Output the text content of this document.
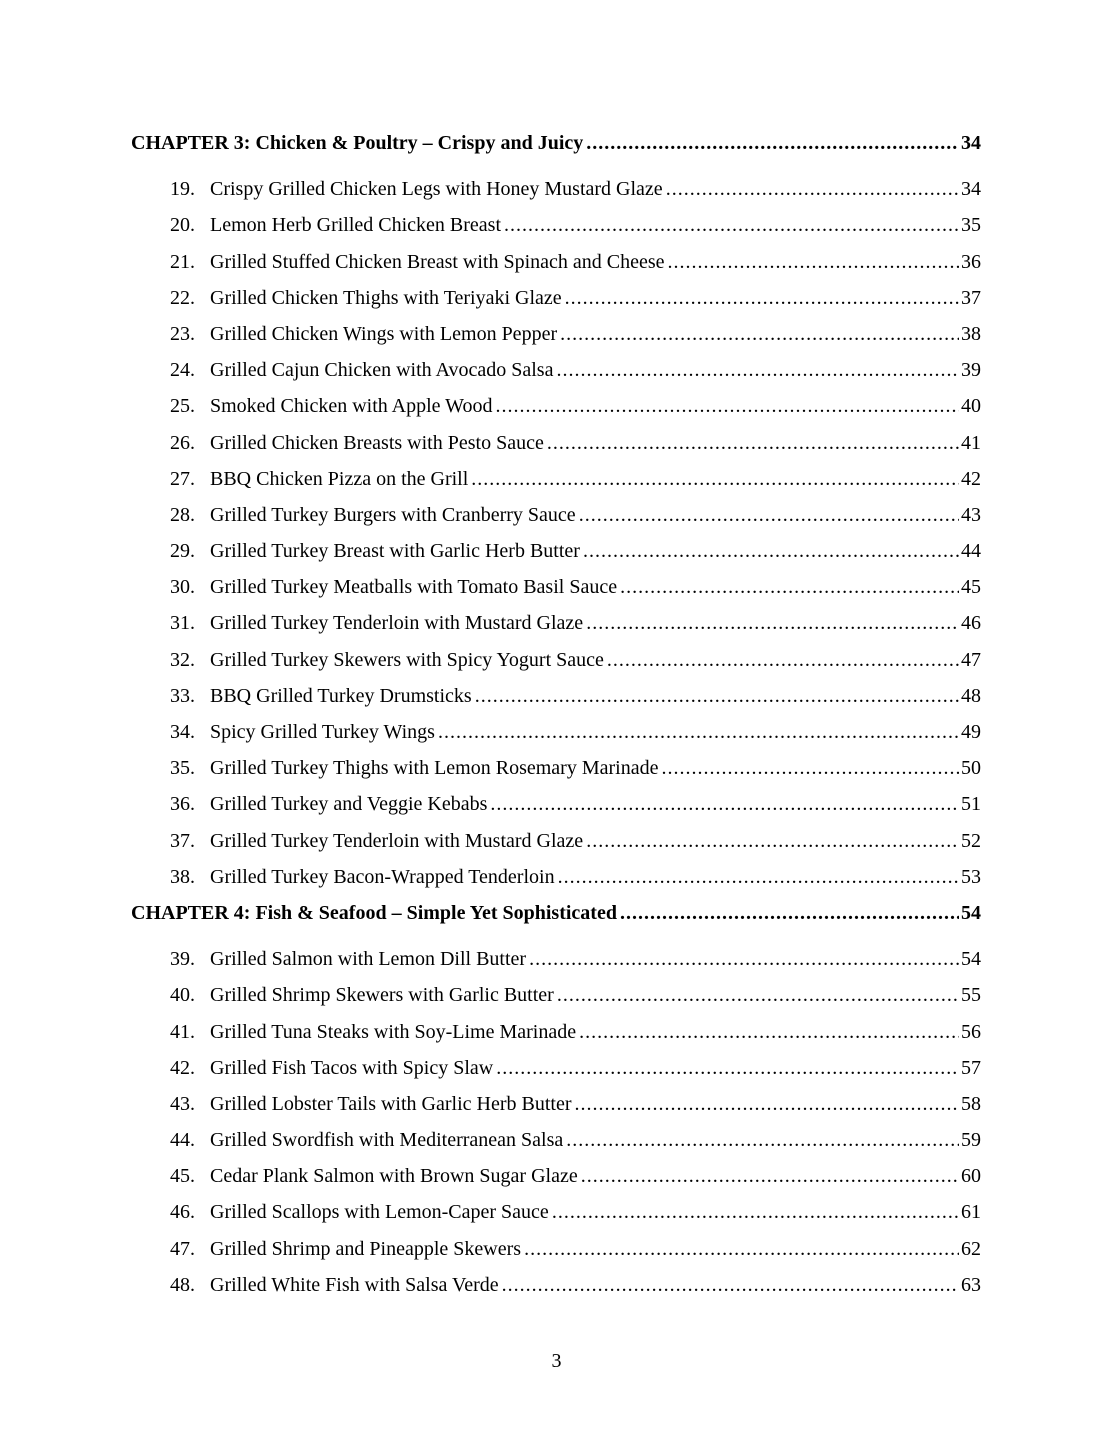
CHAPTER 3: Chicken & Poultry – Crispy and Juicy .....	34
19. Crispy Grilled Chicken Legs with Honey Mustard Glaze .....	34
20. Lemon Herb Grilled Chicken Breast .....	35
21. Grilled Stuffed Chicken Breast with Spinach and Cheese .....	36
22. Grilled Chicken Thighs with Teriyaki Glaze .....	37
23. Grilled Chicken Wings with Lemon Pepper .....	38
24. Grilled Cajun Chicken with Avocado Salsa .....	39
25. Smoked Chicken with Apple Wood .....	40
26. Grilled Chicken Breasts with Pesto Sauce .....	41
27. BBQ Chicken Pizza on the Grill .....	42
28. Grilled Turkey Burgers with Cranberry Sauce .....	43
29. Grilled Turkey Breast with Garlic Herb Butter .....	44
30. Grilled Turkey Meatballs with Tomato Basil Sauce .....	45
31. Grilled Turkey Tenderloin with Mustard Glaze .....	46
32. Grilled Turkey Skewers with Spicy Yogurt Sauce .....	47
33. BBQ Grilled Turkey Drumsticks .....	48
34. Spicy Grilled Turkey Wings .....	49
35. Grilled Turkey Thighs with Lemon Rosemary Marinade .....	50
36. Grilled Turkey and Veggie Kebabs .....	51
37. Grilled Turkey Tenderloin with Mustard Glaze .....	52
38. Grilled Turkey Bacon-Wrapped Tenderloin .....	53
CHAPTER 4: Fish & Seafood – Simple Yet Sophisticated .....	54
39. Grilled Salmon with Lemon Dill Butter .....	54
40. Grilled Shrimp Skewers with Garlic Butter .....	55
41. Grilled Tuna Steaks with Soy-Lime Marinade .....	56
42. Grilled Fish Tacos with Spicy Slaw .....	57
43. Grilled Lobster Tails with Garlic Herb Butter .....	58
44. Grilled Swordfish with Mediterranean Salsa .....	59
45. Cedar Plank Salmon with Brown Sugar Glaze .....	60
46. Grilled Scallops with Lemon-Caper Sauce .....	61
47. Grilled Shrimp and Pineapple Skewers .....	62
48. Grilled White Fish with Salsa Verde .....	63
3
